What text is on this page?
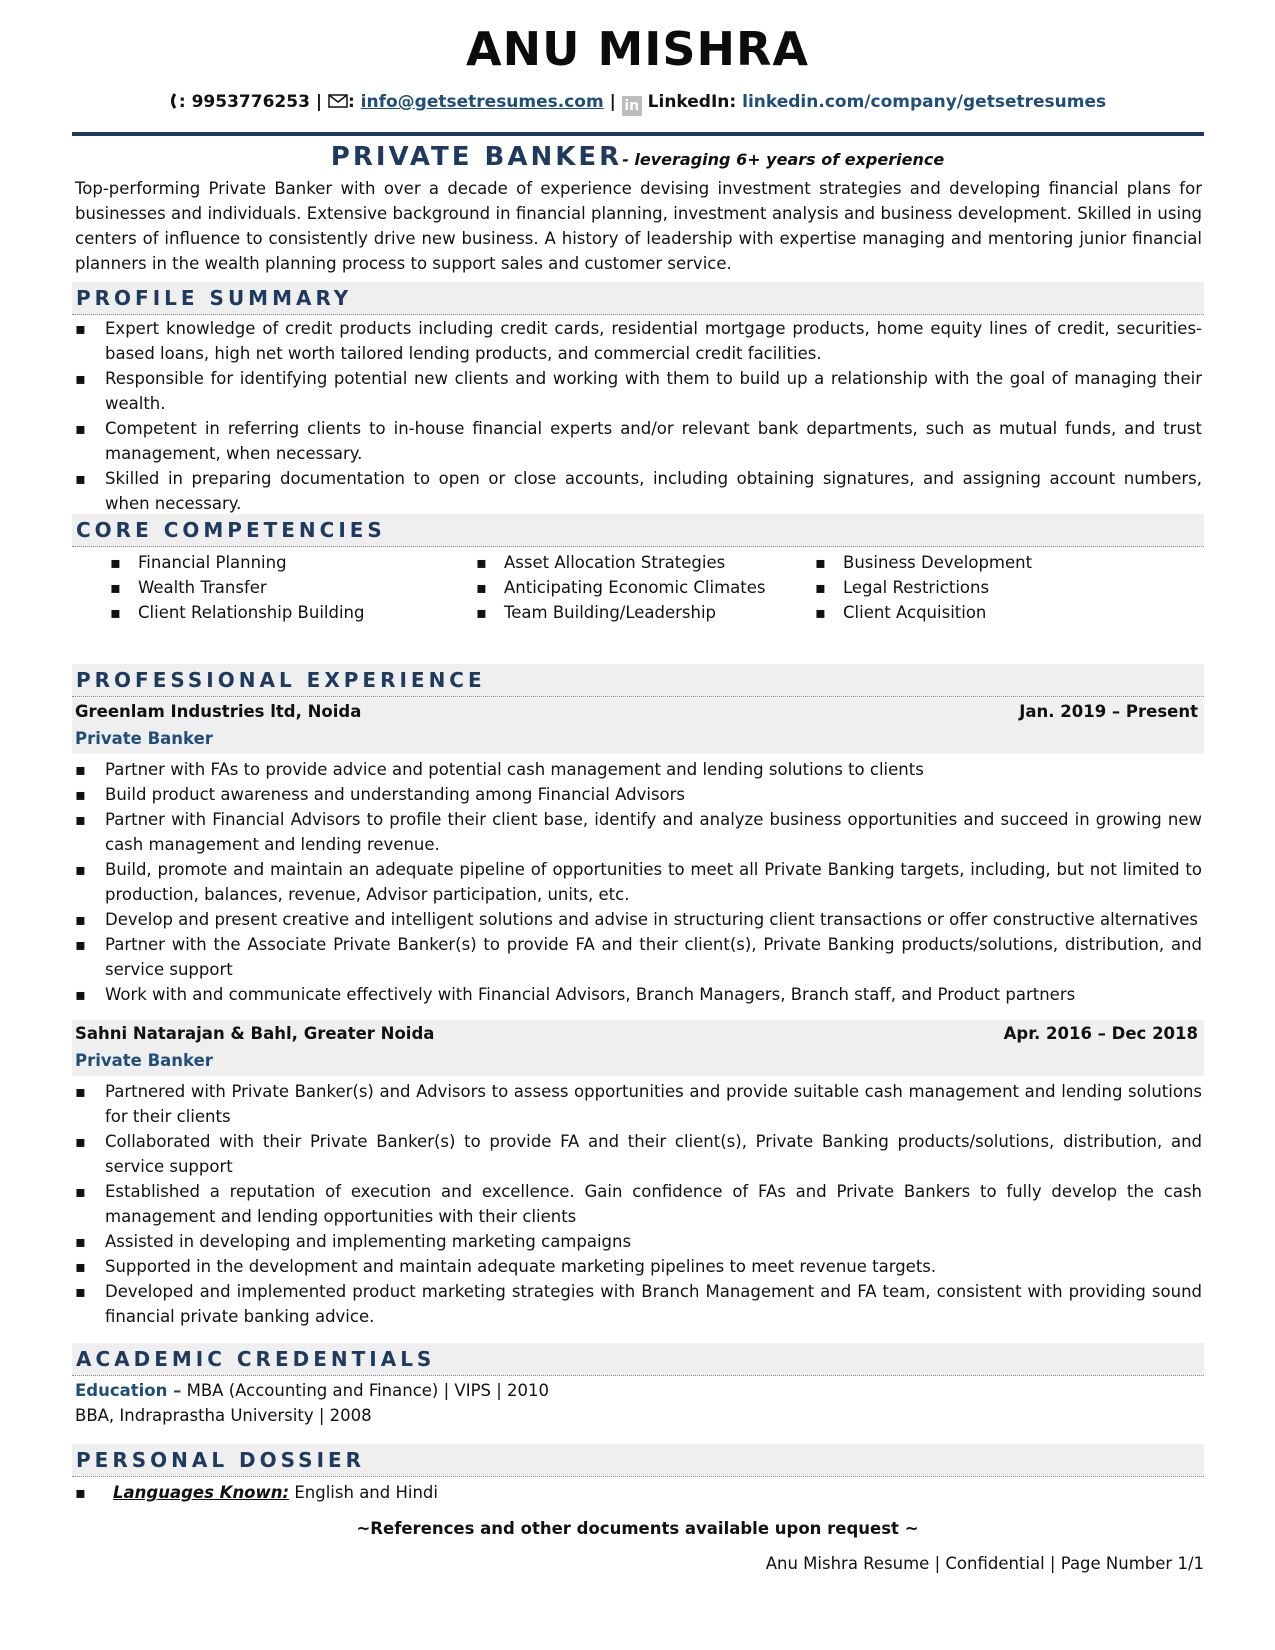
ANU MISHRA
: 9953776253 | : info@getsetresumes.com | in LinkedIn: linkedin.com/company/getsetresumes
PRIVATE BANKER- leveraging 6+ years of experience

Top-performing Private Banker with over a decade of experience devising investment strategies and developing financial plans for businesses and individuals. Extensive background in financial planning, investment analysis and business development. Skilled in using centers of influence to consistently drive new business. A history of leadership with expertise managing and mentoring junior financial planners in the wealth planning process to support sales and customer service.

PROFILE SUMMARY
▪ Expert knowledge of credit products including credit cards, residential mortgage products, home equity lines of credit, securities-based loans, high net worth tailored lending products, and commercial credit facilities.
▪ Responsible for identifying potential new clients and working with them to build up a relationship with the goal of managing their wealth.
▪ Competent in referring clients to in-house financial experts and/or relevant bank departments, such as mutual funds, and trust management, when necessary.
▪ Skilled in preparing documentation to open or close accounts, including obtaining signatures, and assigning account numbers, when necessary.
CORE COMPETENCIES
▪ Financial Planning
▪ Wealth Transfer
▪ Client Relationship Building
▪ Asset Allocation Strategies
▪ Anticipating Economic Climates
▪ Team Building/Leadership
▪ Business Development
▪ Legal Restrictions
▪ Client Acquisition
PROFESSIONAL EXPERIENCE
Greenlam Industries ltd, Noida	Jan. 2019 – Present
Private Banker
▪ Partner with FAs to provide advice and potential cash management and lending solutions to clients
▪ Build product awareness and understanding among Financial Advisors
▪ Partner with Financial Advisors to profile their client base, identify and analyze business opportunities and succeed in growing new cash management and lending revenue.
▪ Build, promote and maintain an adequate pipeline of opportunities to meet all Private Banking targets, including, but not limited to production, balances, revenue, Advisor participation, units, etc.
▪ Develop and present creative and intelligent solutions and advise in structuring client transactions or offer constructive alternatives
▪ Partner with the Associate Private Banker(s) to provide FA and their client(s), Private Banking products/solutions, distribution, and service support
▪ Work with and communicate effectively with Financial Advisors, Branch Managers, Branch staff, and Product partners
Sahni Natarajan & Bahl, Greater Noida	Apr. 2016 – Dec 2018
Private Banker
▪ Partnered with Private Banker(s) and Advisors to assess opportunities and provide suitable cash management and lending solutions for their clients
▪ Collaborated with their Private Banker(s) to provide FA and their client(s), Private Banking products/solutions, distribution, and service support
▪ Established a reputation of execution and excellence. Gain confidence of FAs and Private Bankers to fully develop the cash management and lending opportunities with their clients
▪ Assisted in developing and implementing marketing campaigns
▪ Supported in the development and maintain adequate marketing pipelines to meet revenue targets.
▪ Developed and implemented product marketing strategies with Branch Management and FA team, consistent with providing sound financial private banking advice.
ACADEMIC CREDENTIALS
Education – MBA (Accounting and Finance) | VIPS | 2010
BBA, Indraprastha University | 2008
PERSONAL DOSSIER
▪ Languages Known: English and Hindi
~References and other documents available upon request ~
Anu Mishra Resume | Confidential | Page Number 1/1
